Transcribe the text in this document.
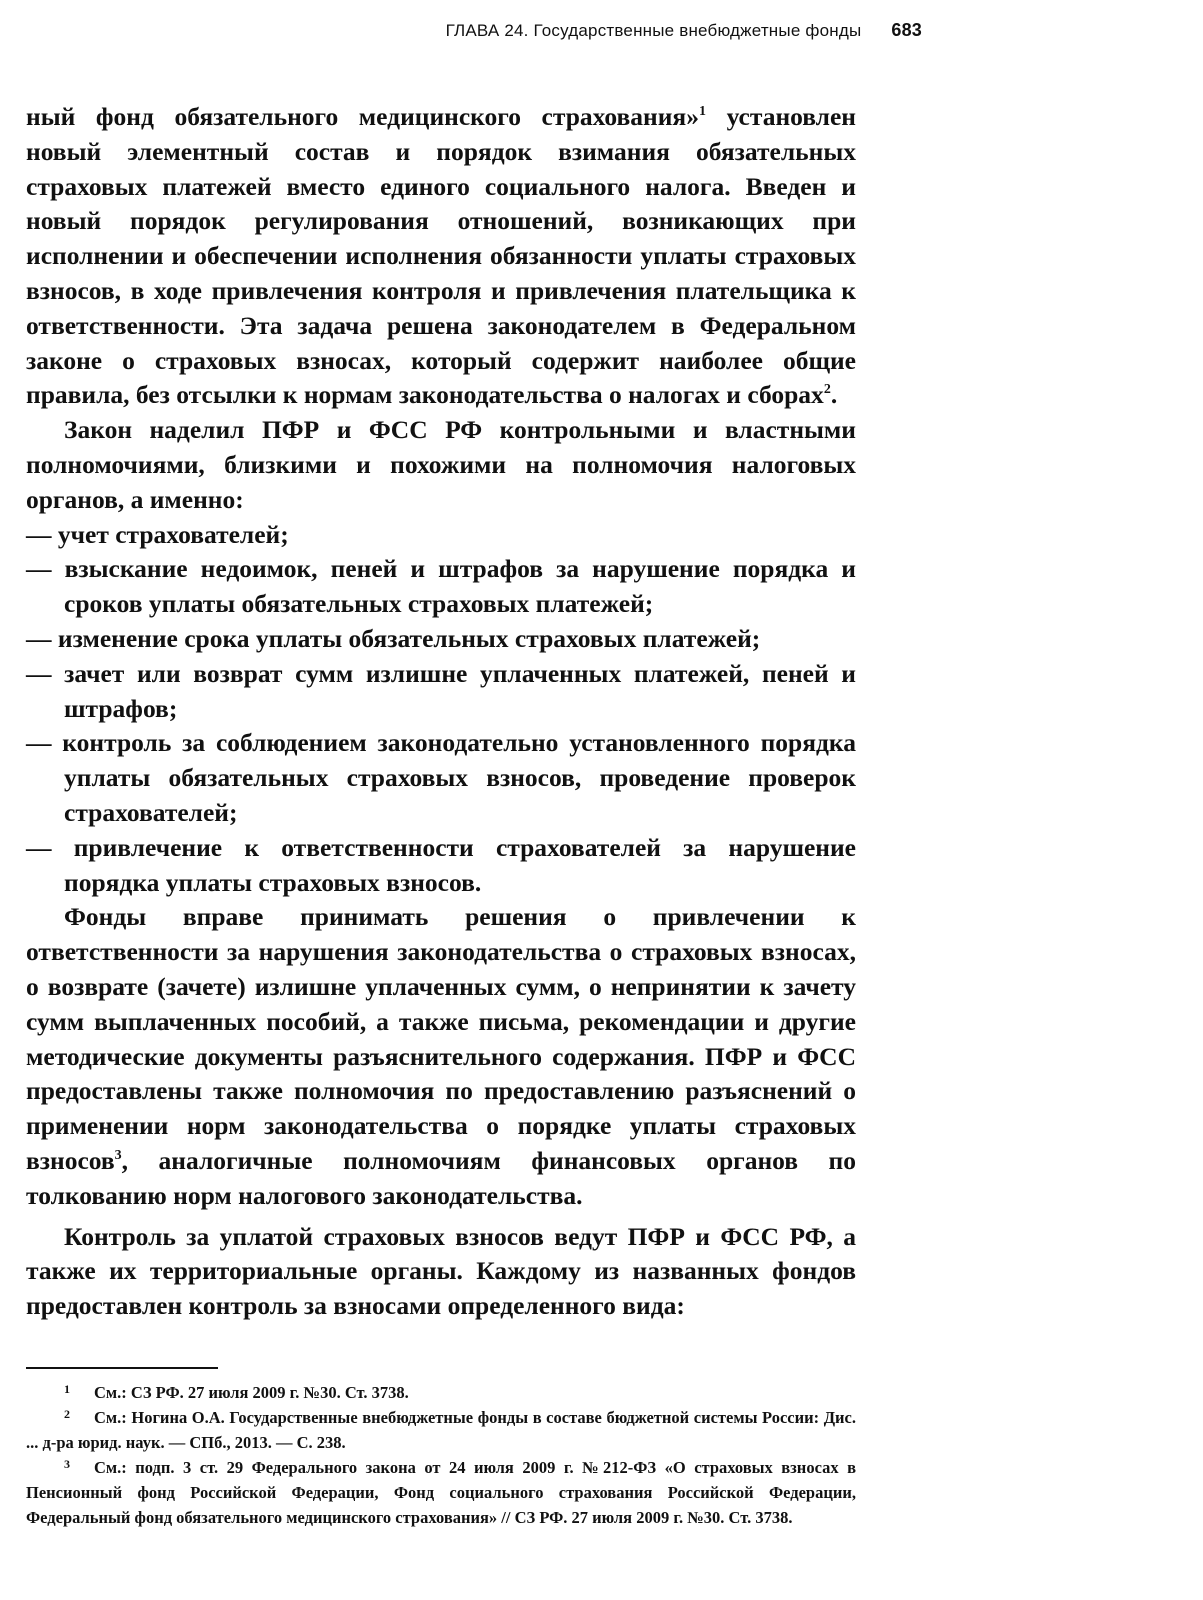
ГЛАВА 24. Государственные внебюджетные фонды 683

ный фонд обязательного медицинского страхования»$^1$ установлен новый элементный состав и порядок взимания обязательных страховых платежей вместо единого социального налога. Введен и новый порядок регулирования отношений, возникающих при исполнении и обеспечении исполнения обязанности уплаты страховых взносов, в ходе привлечения контроля и привлечения плательщика к ответственности. Эта задача решена законодателем в Федеральном законе о страховых взносах, который содержит наиболее общие правила, без отсылки к нормам законодательства о налогах и сборах$^2$.

Закон наделил ПФР и ФСС РФ контрольными и властными полномочиями, близкими и похожими на полномочия налоговых органов, а именно:

— учет страхователей;
— взыскание недоимок, пеней и штрафов за нарушение порядка и сроков уплаты обязательных страховых платежей;
— изменение срока уплаты обязательных страховых платежей;
— зачет или возврат сумм излишне уплаченных платежей, пеней и штрафов;
— контроль за соблюдением законодательно установленного порядка уплаты обязательных страховых взносов, проведение проверок страхователей;
— привлечение к ответственности страхователей за нарушение порядка уплаты страховых взносов.

Фонды вправе принимать решения о привлечении к ответственности за нарушения законодательства о страховых взносах, о возврате (зачете) излишне уплаченных сумм, о непринятии к зачету сумм выплаченных пособий, а также письма, рекомендации и другие методические документы разъяснительного содержания. ПФР и ФСС предоставлены также полномочия по предоставлению разъяснений о применении норм законодательства о порядке уплаты страховых взносов$^3$, аналогичные полномочиям финансовых органов по толкованию норм налогового законодательства.

Контроль за уплатой страховых взносов ведут ПФР и ФСС РФ, а также их территориальные органы. Каждому из названных фондов предоставлен контроль за взносами определенного вида:

1 См.: СЗ РФ. 27 июля 2009 г. №30. Ст. 3738.

2 См.: Ногина О.А. Государственные внебюджетные фонды в составе бюджетной системы России: Дис. ... д-ра юрид. наук. — СПб., 2013. — С. 238.

3 См.: подп. 3 ст. 29 Федерального закона от 24 июля 2009 г. №212-ФЗ «О страховых взносах в Пенсионный фонд Российской Федерации, Фонд социального страхования Российской Федерации, Федеральный фонд обязательного медицинского страхования» // СЗ РФ. 27 июля 2009 г. №30. Ст. 3738.
